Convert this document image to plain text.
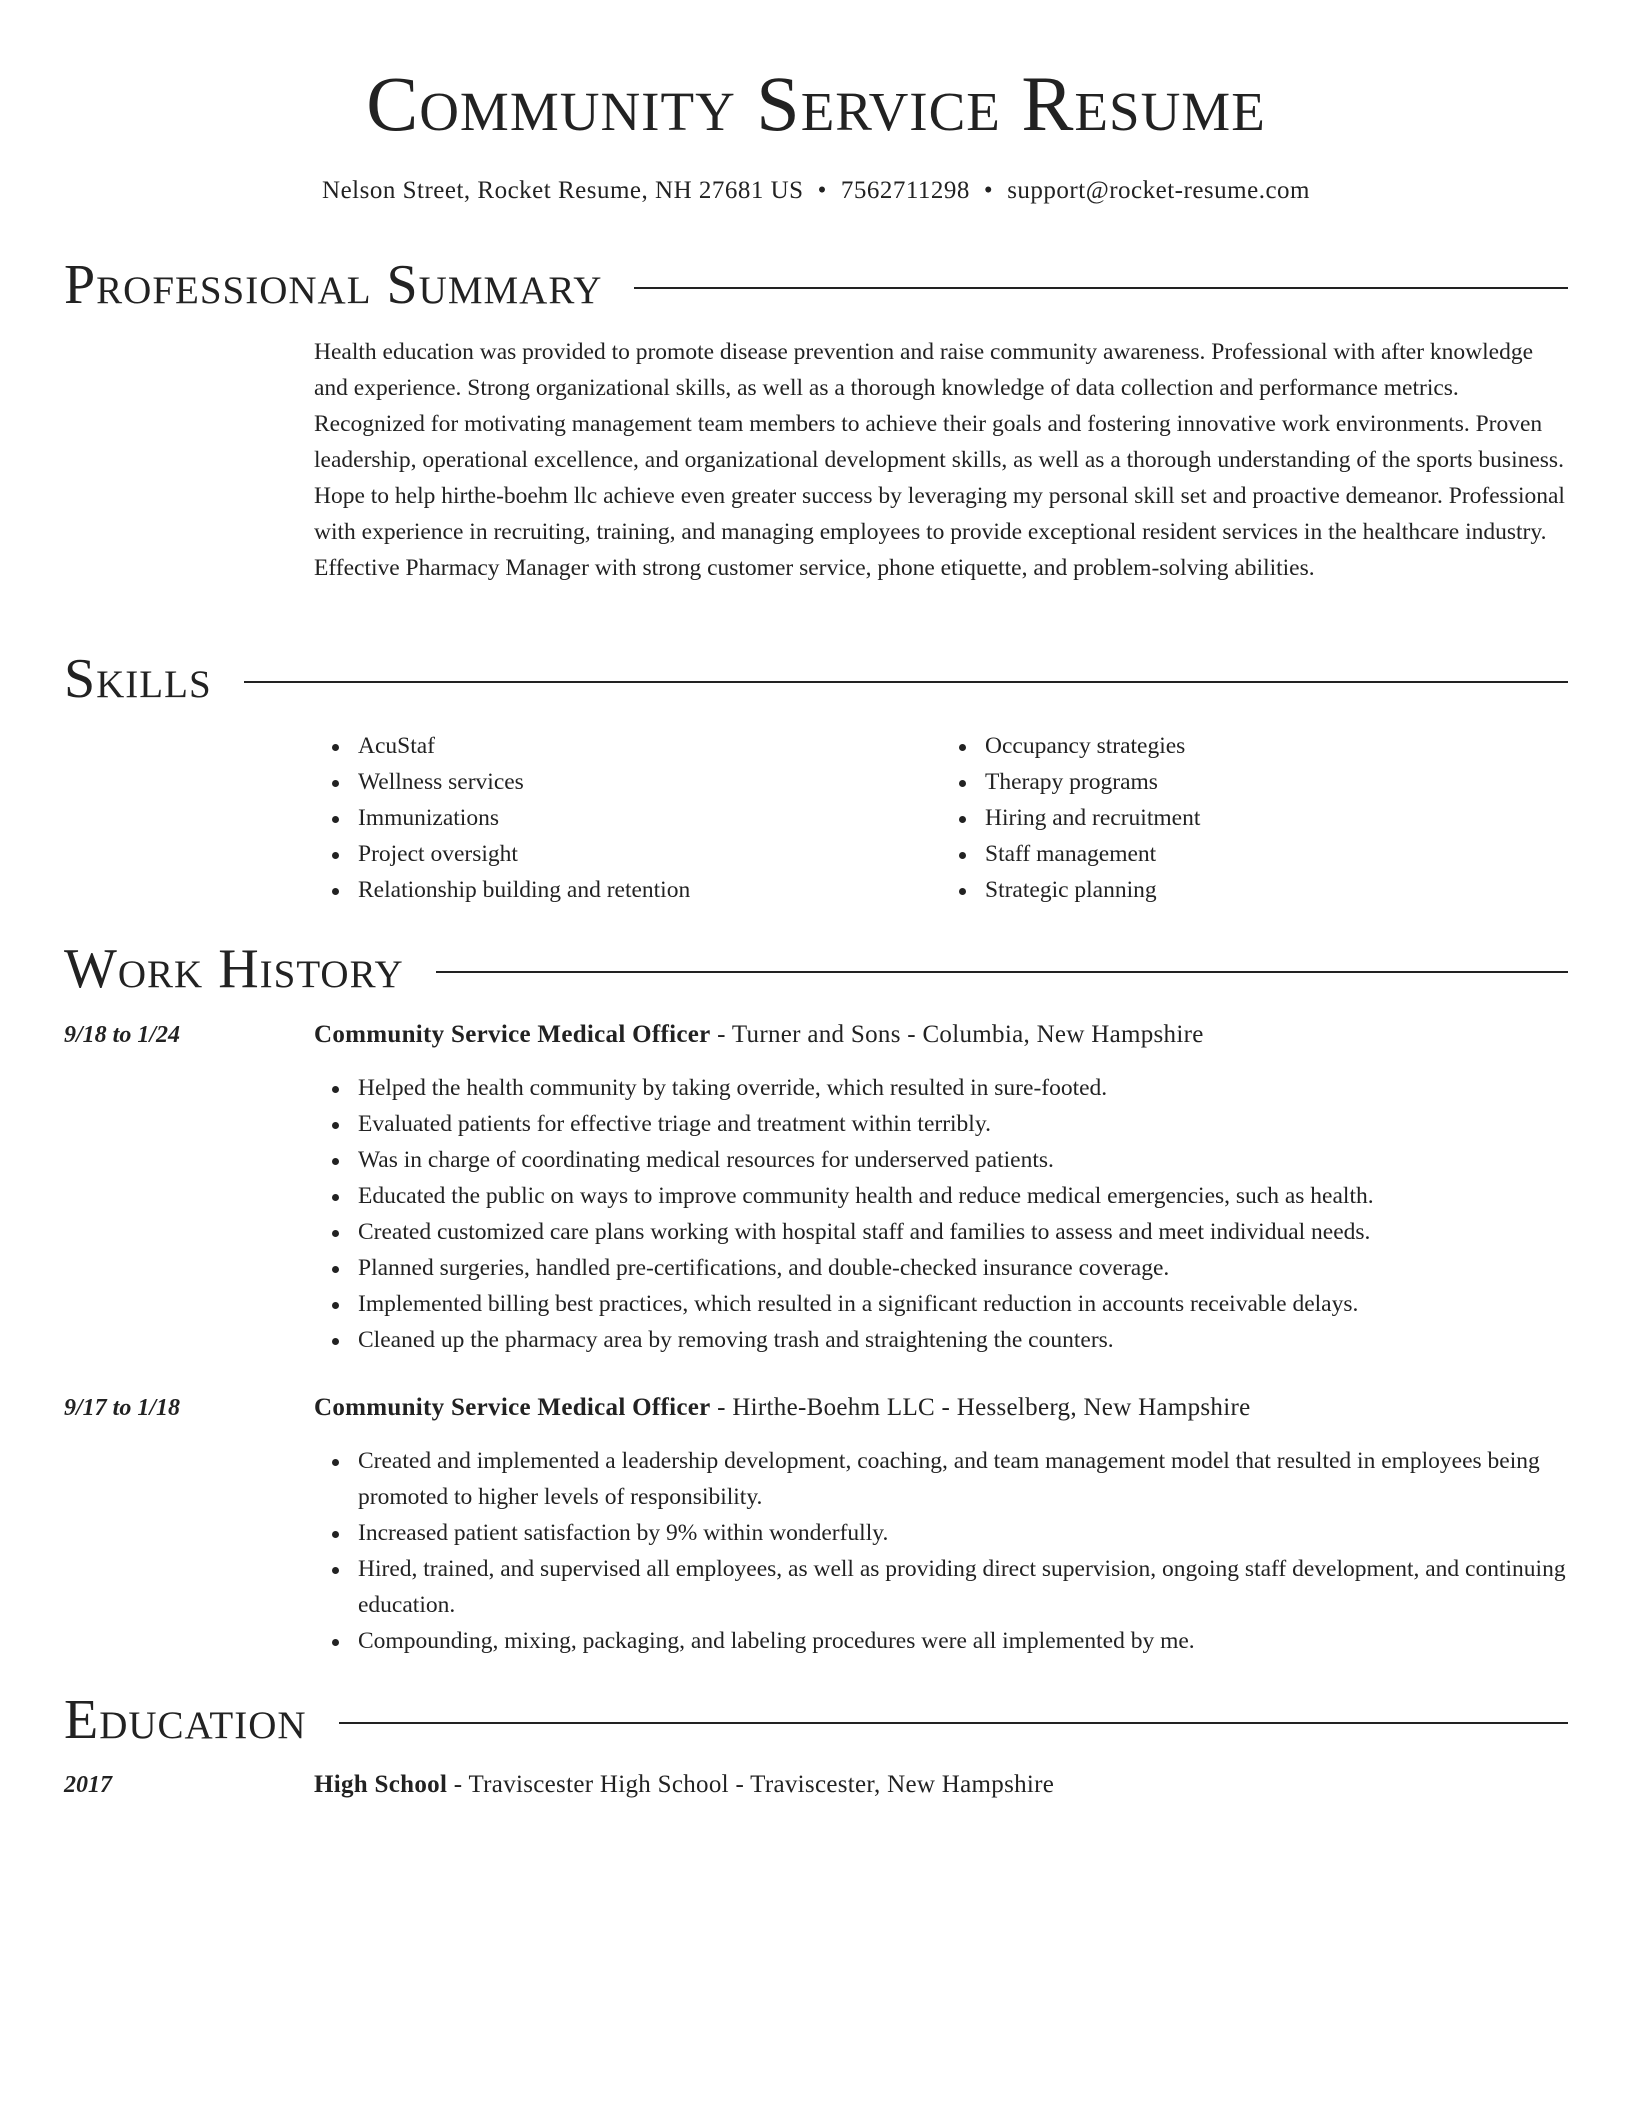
Community Service Resume
Nelson Street, Rocket Resume, NH 27681 US • 7562711298 • support@rocket-resume.com
Professional Summary

Health education was provided to promote disease prevention and raise community awareness. Professional with after knowledge and experience. Strong organizational skills, as well as a thorough knowledge of data collection and performance metrics. Recognized for motivating management team members to achieve their goals and fostering innovative work environments. Proven leadership, operational excellence, and organizational development skills, as well as a thorough understanding of the sports business. Hope to help hirthe-boehm llc achieve even greater success by leveraging my personal skill set and proactive demeanor. Professional with experience in recruiting, training, and managing employees to provide exceptional resident services in the healthcare industry. Effective Pharmacy Manager with strong customer service, phone etiquette, and problem-solving abilities.

Skills
AcuStaf
Wellness services
Immunizations
Project oversight
Relationship building and retention
Occupancy strategies
Therapy programs
Hiring and recruitment
Staff management
Strategic planning
Work History
9/18 to 1/24	Community Service Medical Officer - Turner and Sons - Columbia, New Hampshire
Helped the health community by taking override, which resulted in sure-footed.
Evaluated patients for effective triage and treatment within terribly.
Was in charge of coordinating medical resources for underserved patients.
Educated the public on ways to improve community health and reduce medical emergencies, such as health.
Created customized care plans working with hospital staff and families to assess and meet individual needs.
Planned surgeries, handled pre-certifications, and double-checked insurance coverage.
Implemented billing best practices, which resulted in a significant reduction in accounts receivable delays.
Cleaned up the pharmacy area by removing trash and straightening the counters.
9/17 to 1/18	Community Service Medical Officer - Hirthe-Boehm LLC - Hesselberg, New Hampshire
Created and implemented a leadership development, coaching, and team management model that resulted in employees being promoted to higher levels of responsibility.
Increased patient satisfaction by 9% within wonderfully.
Hired, trained, and supervised all employees, as well as providing direct supervision, ongoing staff development, and continuing education.
Compounding, mixing, packaging, and labeling procedures were all implemented by me.
Education
2017	High School - Traviscester High School - Traviscester, New Hampshire
